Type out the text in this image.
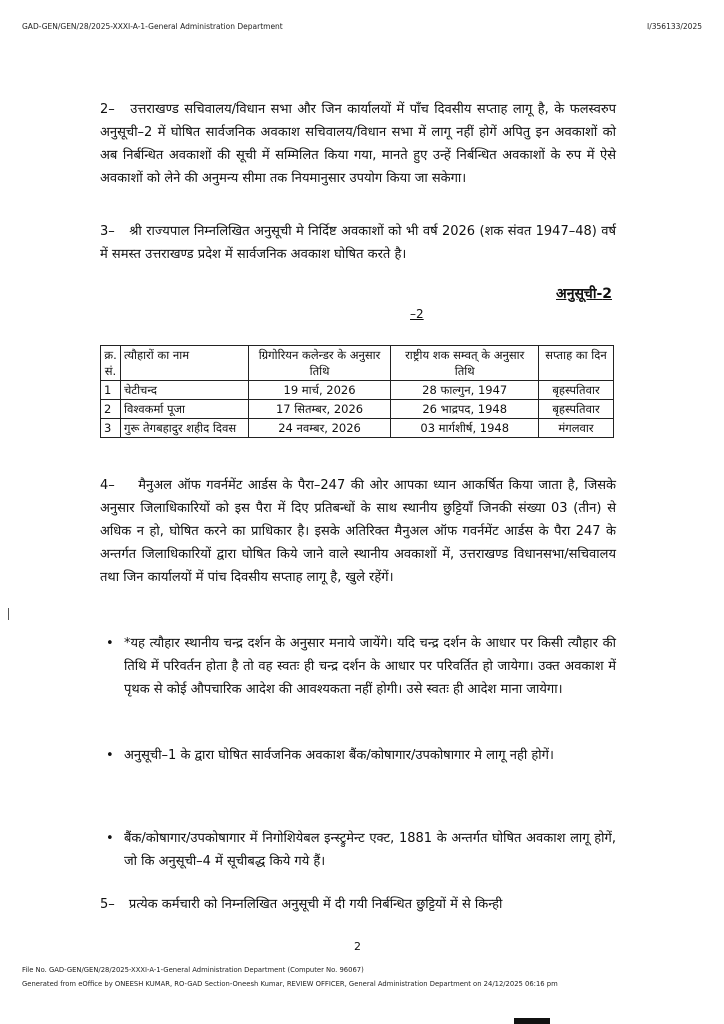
GAD-GEN/GEN/28/2025-XXXI-A-1-General Administration Department	I/356133/2025
2– उत्तराखण्ड सचिवालय/विधान सभा और जिन कार्यालयों में पाँच दिवसीय सप्ताह लागू है, के फलस्वरुप अनुसूची–2 में घोषित सार्वजनिक अवकाश सचिवालय/विधान सभा में लागू नहीं होगें अपितु इन अवकाशों को अब निर्बन्धित अवकाशों की सूची में सम्मिलित किया गया, मानते हुए उन्हें निर्बन्धित अवकाशों के रुप में ऐसे अवकाशों को लेने की अनुमन्य सीमा तक नियमानुसार उपयोग किया जा सकेगा।
3– श्री राज्यपाल निम्नलिखित अनुसूची मे निर्दिष्ट अवकाशों को भी वर्ष 2026 (शक संवत 1947–48) वर्ष में समस्त उत्तराखण्ड प्रदेश में सार्वजनिक अवकाश घोषित करते है।
अनुसूची-2
–2
क्र. सं.	त्यौहारों का नाम	ग्रिगोरियन कलेन्डर के अनुसार तिथि	राष्ट्रीय शक सम्वत् के अनुसार तिथि	सप्ताह का दिन
1	चेटीचन्द	19 मार्च, 2026	28 फाल्गुन, 1947	बृहस्पतिवार
2	विश्वकर्मा पूजा	17 सितम्बर, 2026	26 भाद्रपद, 1948	बृहस्पतिवार
3	गुरू तेगबहादुर शहीद दिवस	24 नवम्बर, 2026	03 मार्गशीर्ष, 1948	मंगलवार
4– मैनुअल ऑफ गवर्नमेंट आर्डस के पैरा–247 की ओर आपका ध्यान आकर्षित किया जाता है, जिसके अनुसार जिलाधिकारियों को इस पैरा में दिए प्रतिबन्धों के साथ स्थानीय छुट्टियाँ जिनकी संख्या 03 (तीन) से अधिक न हो, घोषित करने का प्राधिकार है। इसके अतिरिक्त मैनुअल ऑफ गवर्नमेंट आर्डस के पैरा 247 के अन्तर्गत जिलाधिकारियों द्वारा घोषित किये जाने वाले स्थानीय अवकाशों में, उत्तराखण्ड विधानसभा/सचिवालय तथा जिन कार्यालयों में पांच दिवसीय सप्ताह लागू है, खुले रहेंगें।
• *यह त्यौहार स्थानीय चन्द्र दर्शन के अनुसार मनाये जायेंगे। यदि चन्द्र दर्शन के आधार पर किसी त्यौहार की तिथि में परिवर्तन होता है तो वह स्वतः ही चन्द्र दर्शन के आधार पर परिवर्तित हो जायेगा। उक्त अवकाश में पृथक से कोई औपचारिक आदेश की आवश्यकता नहीं होगी। उसे स्वतः ही आदेश माना जायेगा।
• अनुसूची–1 के द्वारा घोषित सार्वजनिक अवकाश बैंक/कोषागार/उपकोषागार मे लागू नही होगें।
• बैंक/कोषागार/उपकोषागार में निगोशियेबल इन्स्ट्रुमेन्ट एक्ट, 1881 के अन्तर्गत घोषित अवकाश लागू होगें, जो कि अनुसूची–4 में सूचीबद्ध किये गये हैं।
5– प्रत्येक कर्मचारी को निम्नलिखित अनुसूची में दी गयी निर्बन्धित छुट्टियों में से किन्ही
2
File No. GAD-GEN/GEN/28/2025-XXXI-A-1-General Administration Department (Computer No. 96067)
Generated from eOffice by ONEESH KUMAR, RO-GAD Section-Oneesh Kumar, REVIEW OFFICER, General Administration Department on 24/12/2025 06:16 pm
